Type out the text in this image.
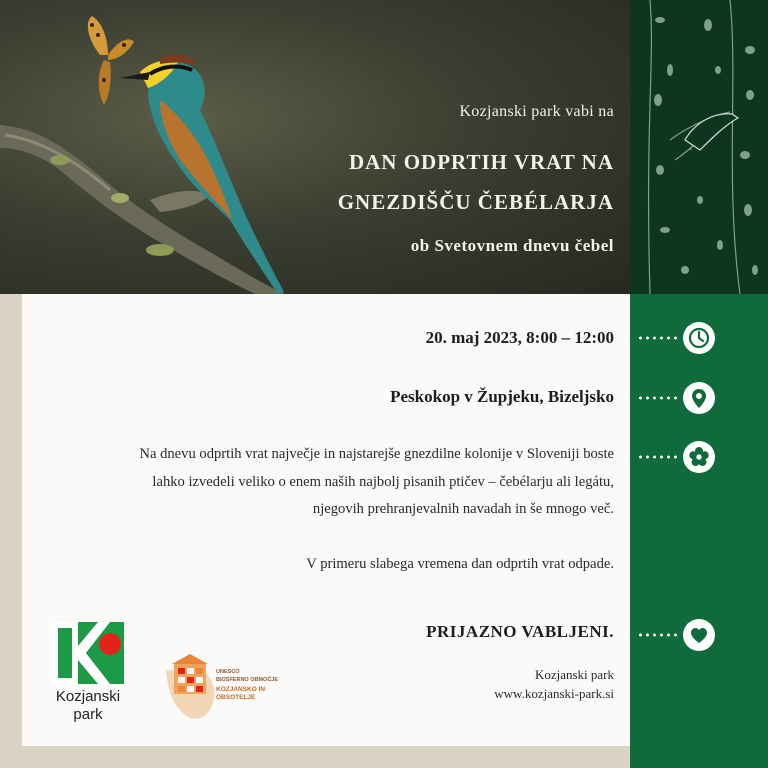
Kozjanski park vabi na
DAN ODPRTIH VRAT NA
GNEZDIŠČU ČEBÉLARJA
ob Svetovnem dnevu čebel
20. maj 2023, 8:00 – 12:00
Peskokop v Župjeku, Bizeljsko
Na dnevu odprtih vrat največje in najstarejše gnezdilne kolonije v Sloveniji boste
lahko izvedeli veliko o enem naših najbolj pisanih ptičev – čebélarju ali legátu,
njegovih prehranjevalnih navadah in še mnogo več.
V primeru slabega vremena dan odprtih vrat odpade.
PRIJAZNO VABLJENI.
Kozjanski park
www.kozjanski-park.si
Kozjanski
park
UNESCO
BIOSFERNO OBMOČJE
KOZJANSKO IN
OBSOTELJE
